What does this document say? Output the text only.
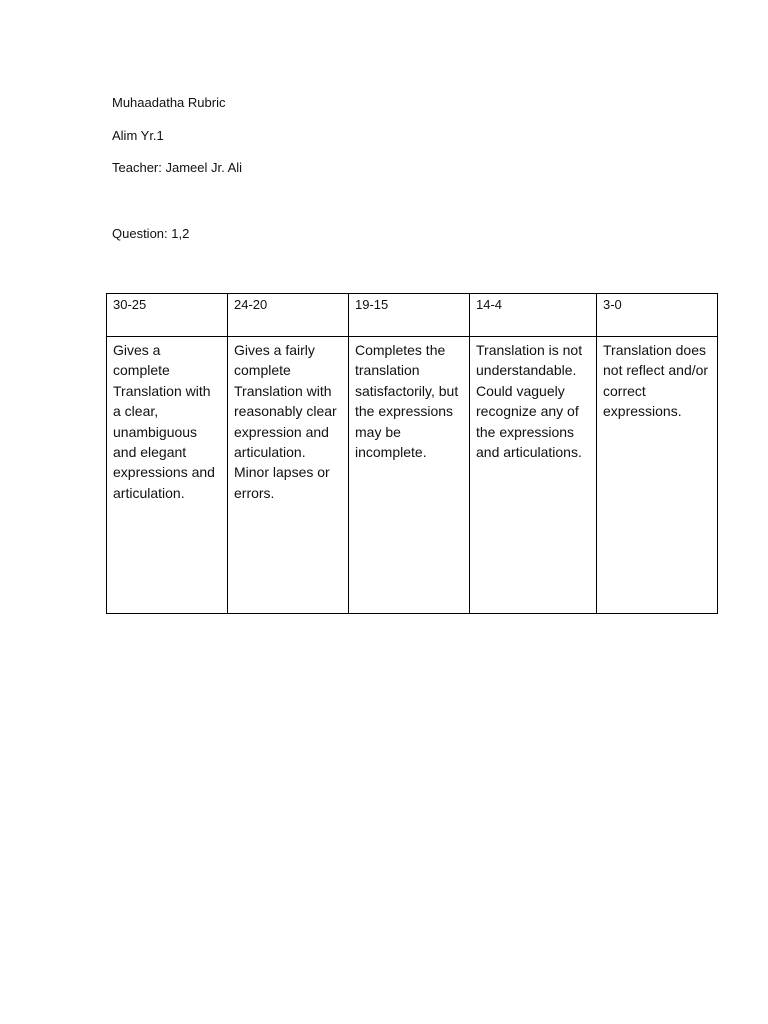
Muhaadatha Rubric
Alim Yr.1
Teacher: Jameel Jr. Ali
Question: 1,2
30-25	24-20	19-15	14-4	3-0
Gives a complete Translation with a clear, unambiguous and elegant expressions and articulation.	Gives a fairly complete Translation with reasonably clear expression and articulation. Minor lapses or errors.	Completes the translation satisfactorily, but the expressions may be incomplete.	Translation is not understandable. Could vaguely recognize any of the expressions and articulations.	Translation does not reflect and/or correct expressions.
